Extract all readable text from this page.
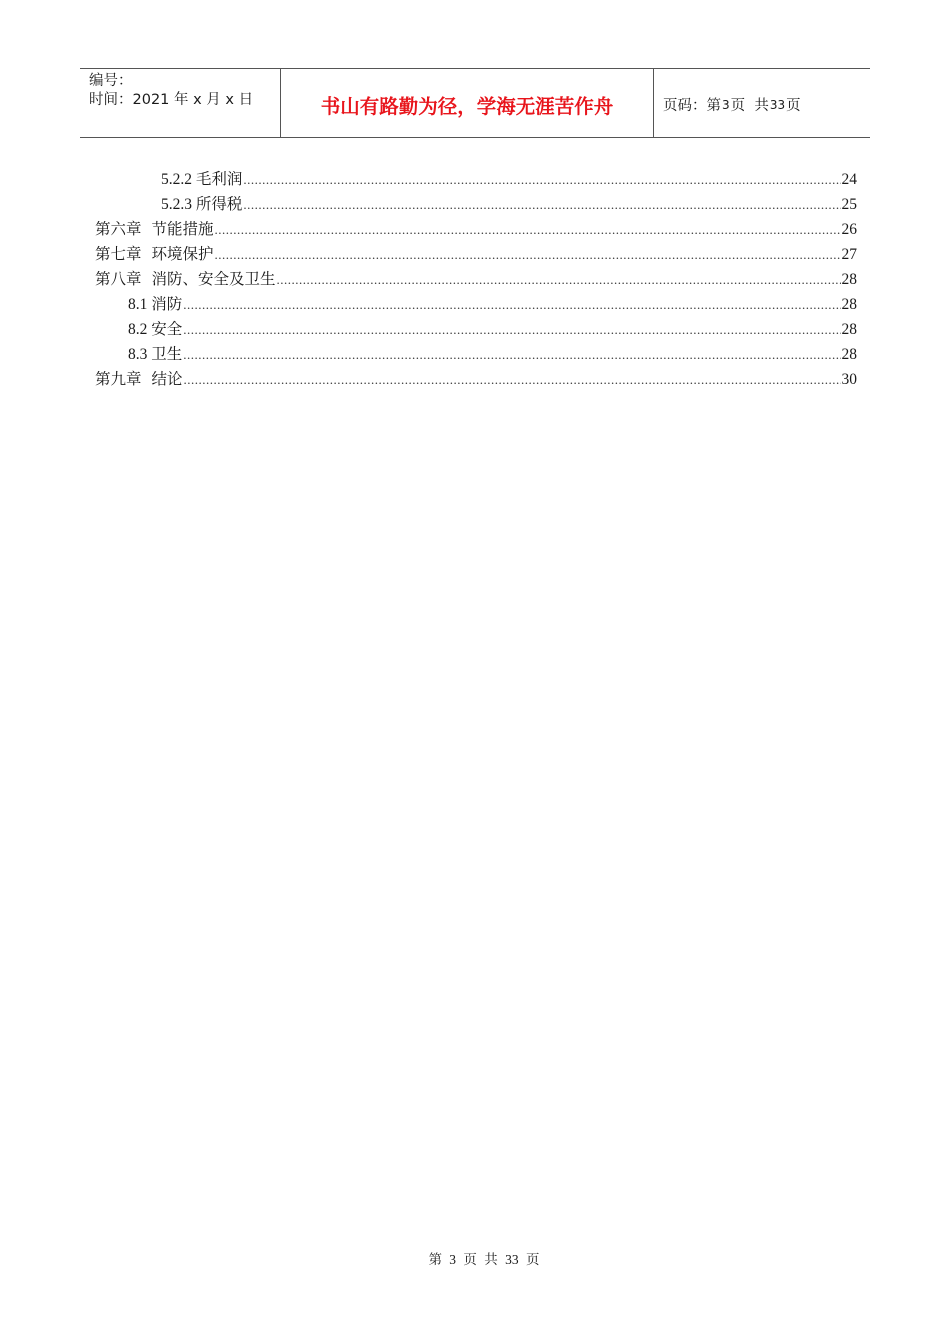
编号：
时间：2021 年 x 月 x 日	书山有路勤为径，学海无涯苦作舟	页码：第 3 页  共 33 页
5.2.2 毛利润 .....	24
5.2.3 所得税 .....	25
第六章 节能措施 .....	26
第七章 环境保护 .....	27
第八章 消防、安全及卫生 .....	28
8.1 消防 .....	28
8.2 安全 .....	28
8.3 卫生 .....	28
第九章 结论 .....	30
第 3 页 共 33 页
